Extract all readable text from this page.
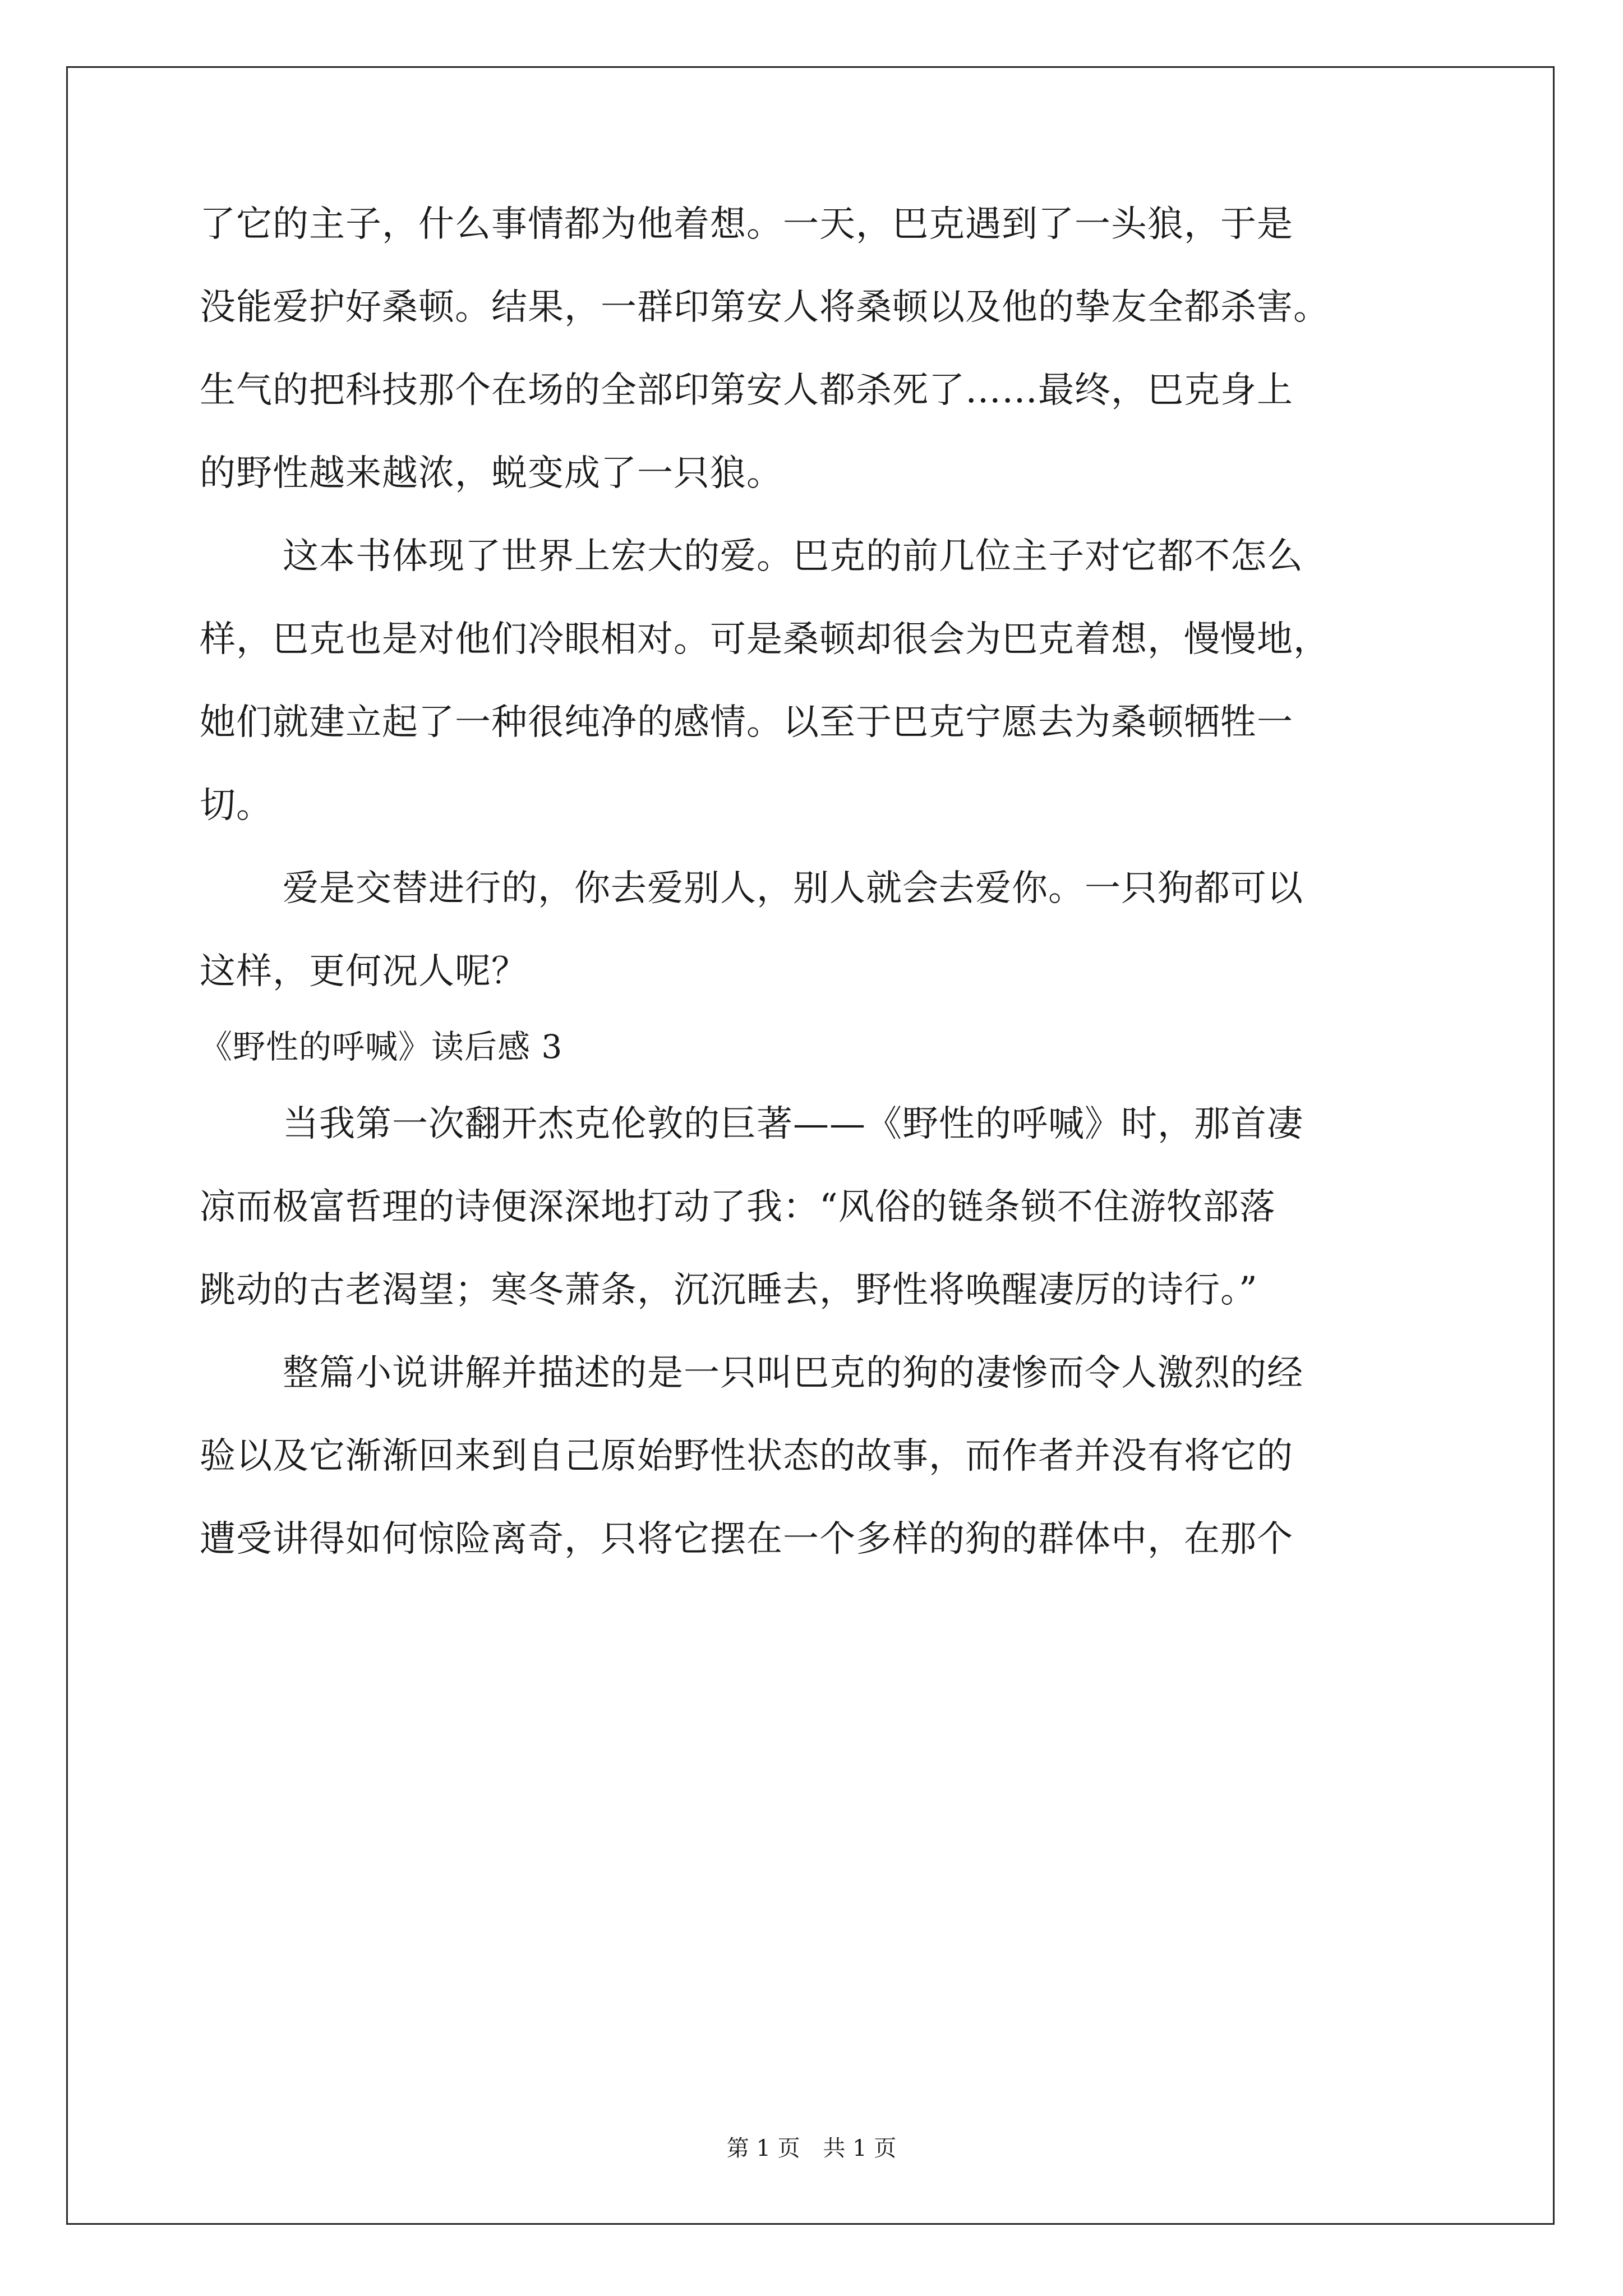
了它的主子，什么事情都为他着想。一天，巴克遇到了一头狼，于是
没能爱护好桑顿。结果，一群印第安人将桑顿以及他的挚友全都杀害。
生气的把科技那个在场的全部印第安人都杀死了……最终，巴克身上
的野性越来越浓，蜕变成了一只狼。
这本书体现了世界上宏大的爱。巴克的前几位主子对它都不怎么
样，巴克也是对他们冷眼相对。可是桑顿却很会为巴克着想，慢慢地，
她们就建立起了一种很纯净的感情。以至于巴克宁愿去为桑顿牺牲一
切。
爱是交替进行的，你去爱别人，别人就会去爱你。一只狗都可以
这样，更何况人呢？
《野性的呼喊》读后感 3
当我第一次翻开杰克伦敦的巨著——《野性的呼喊》时，那首凄
凉而极富哲理的诗便深深地打动了我：“风俗的链条锁不住游牧部落
跳动的古老渴望；寒冬萧条，沉沉睡去，野性将唤醒凄厉的诗行。”
整篇小说讲解并描述的是一只叫巴克的狗的凄惨而令人激烈的经
验以及它渐渐回来到自己原始野性状态的故事，而作者并没有将它的
遭受讲得如何惊险离奇，只将它摆在一个多样的狗的群体中，在那个
第 1 页 共 1 页
